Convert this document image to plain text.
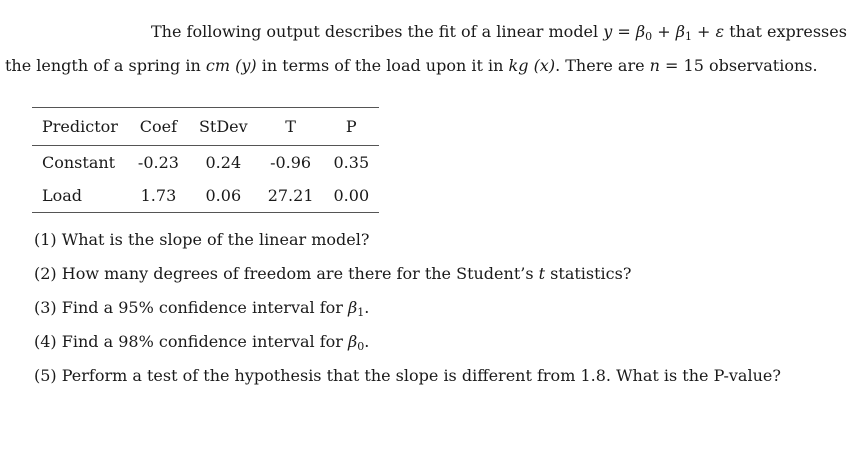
The following output describes the fit of a linear model $y = \beta_0 + \beta_1 + \varepsilon$ that expresses
the length of a spring in cm (y) in terms of the load upon it in kg (x). There are n = 15 observations.
Predictor	Coef	StDev	T	P
Constant	-0.23	0.24	-0.96	0.35
Load	1.73	0.06	27.21	0.00
(1) What is the slope of the linear model?
(2) How many degrees of freedom are there for the Student’s t statistics?
(3) Find a 95% confidence interval for $\beta_1$.
(4) Find a 98% confidence interval for $\beta_0$.
(5) Perform a test of the hypothesis that the slope is different from 1.8. What is the P-value?
